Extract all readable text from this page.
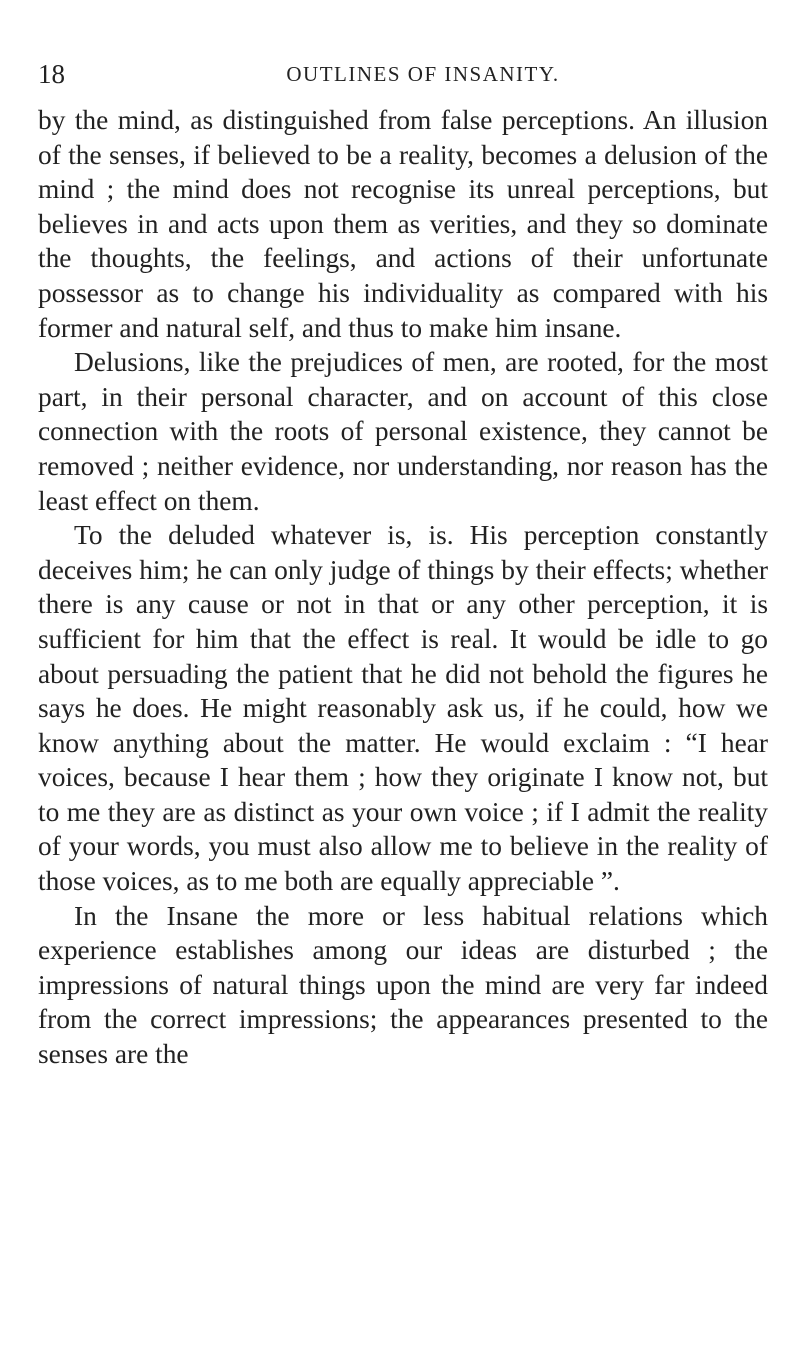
18	OUTLINES OF INSANITY.

by the mind, as distinguished from false perceptions. An illusion of the senses, if believed to be a reality, becomes a delusion of the mind ; the mind does not recognise its unreal perceptions, but believes in and acts upon them as verities, and they so dominate the thoughts, the feelings, and actions of their unfortunate possessor as to change his individuality as compared with his former and natural self, and thus to make him insane.

Delusions, like the prejudices of men, are rooted, for the most part, in their personal character, and on account of this close connection with the roots of personal existence, they cannot be removed ; neither evidence, nor understanding, nor reason has the least effect on them.

To the deluded whatever is, is. His perception constantly deceives him; he can only judge of things by their effects; whether there is any cause or not in that or any other perception, it is sufficient for him that the effect is real. It would be idle to go about persuading the patient that he did not behold the figures he says he does. He might reasonably ask us, if he could, how we know anything about the matter. He would exclaim : “I hear voices, because I hear them ; how they originate I know not, but to me they are as distinct as your own voice ; if I admit the reality of your words, you must also allow me to believe in the reality of those voices, as to me both are equally appreciable ”.

In the Insane the more or less habitual relations which experience establishes among our ideas are disturbed ; the impressions of natural things upon the mind are very far indeed from the correct impressions; the appearances presented to the senses are the
